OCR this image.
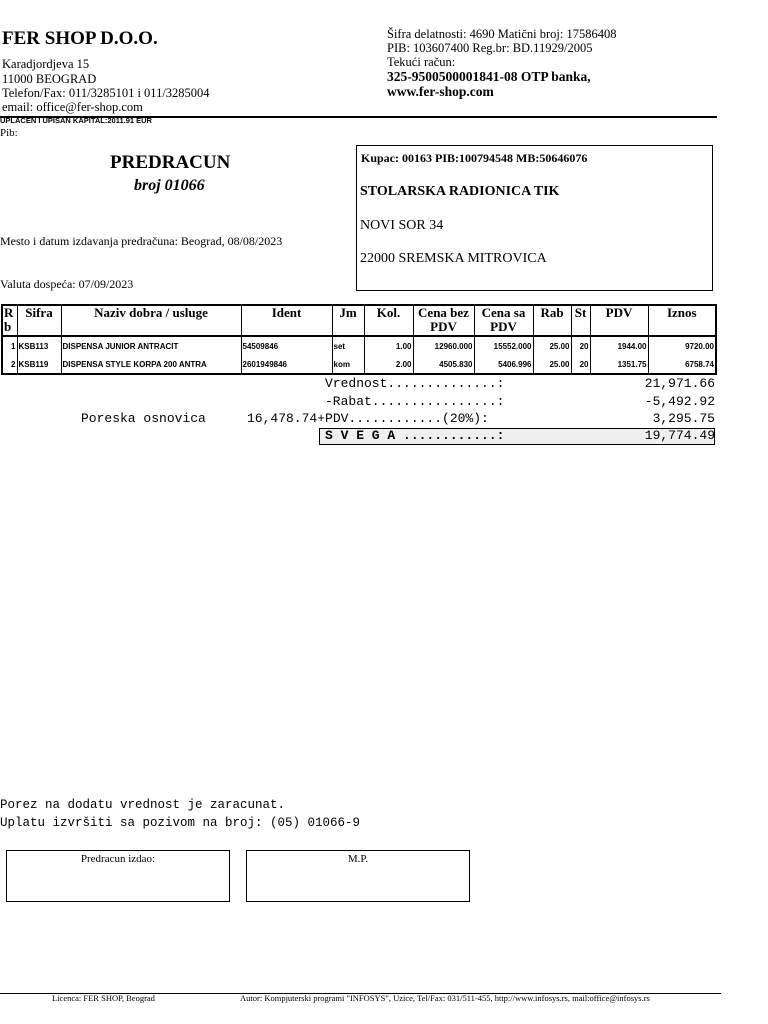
FER SHOP D.O.O.
Karadjordjeva 15
11000 BEOGRAD
Telefon/Fax: 011/3285101 i 011/3285004
email: office@fer-shop.com
Šifra delatnosti: 4690 Matični broj: 17586408
PIB: 103607400 Reg.br: BD.11929/2005
Tekući račun:
325-9500500001841-08 OTP banka,
www.fer-shop.com
UPLACEN I UPISAN KAPITAL:2011.91 EUR
Pib:
PREDRACUN
broj 01066
Mesto i datum izdavanja predračuna: Beograd, 08/08/2023
Valuta dospeća: 07/09/2023
Kupac: 00163 PIB:100794548 MB:50646076
STOLARSKA RADIONICA TIK
NOVI SOR 34
22000 SREMSKA MITROVICA
R b	Sifra	Naziv dobra / usluge	Ident	Jm	Kol.	Cena bez PDV	Cena sa PDV	Rab	St	PDV	Iznos
1	KSB113	DISPENSA JUNIOR ANTRACIT	54509846	set	1.00	12960.000	15552.000	25.00	20	1944.00	9720.00
2	KSB119	DISPENSA STYLE KORPA 200 ANTRA	2601949846	kom	2.00	4505.830	5406.996	25.00	20	1351.75	6758.74
Vrednost..............:	21,971.66
-Rabat................:	-5,492.92
Poreska osnovica	16,478.74+PDV............(20%):	3,295.75
S V E G A ............:	19,774.49
Porez na dodatu vrednost je zaracunat.
Uplatu izvršiti sa pozivom na broj: (05) 01066-9
Predracun izdao:	M.P.
Licenca: FER SHOP, Beograd	Autor: Kompjuterski programi "INFOSYS", Uzice, Tel/Fax: 031/511-455, http://www.infosys.rs, mail:office@infosys.rs
